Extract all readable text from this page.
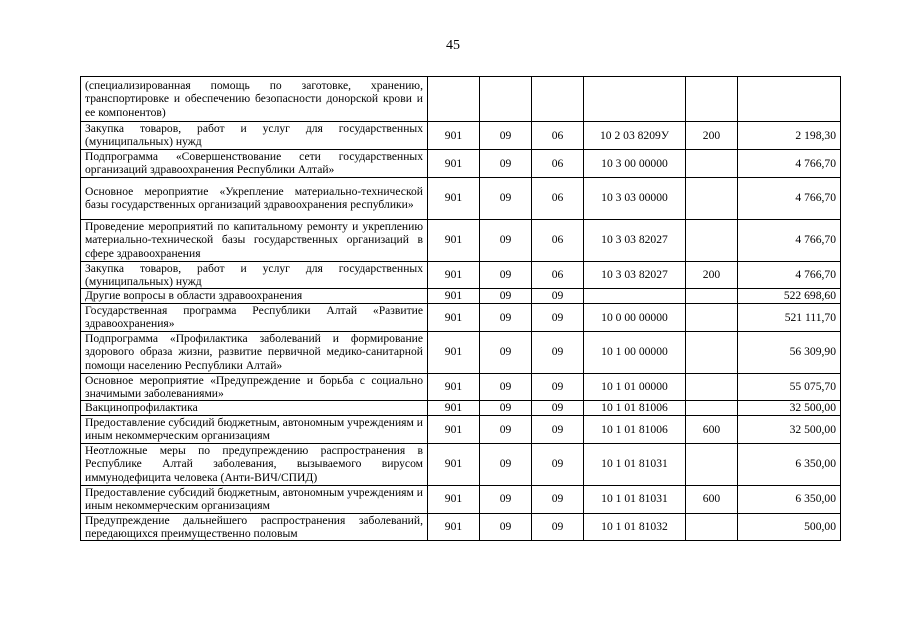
45
(специализированная помощь по заготовке, хранению, транспортировке и обеспечению безопасности донорской крови и ее компонентов)						
Закупка товаров, работ и услуг для государственных (муниципальных) нужд	901	09	06	10 2 03 8209У	200	2 198,30
Подпрограмма «Совершенствование сети государственных организаций здравоохранения Республики Алтай»	901	09	06	10 3 00 00000		4 766,70
Основное мероприятие «Укрепление материально-технической базы государственных организаций здравоохранения республики»	901	09	06	10 3 03 00000		4 766,70
Проведение мероприятий по капитальному ремонту и укреплению материально-технической базы государственных организаций в сфере здравоохранения	901	09	06	10 3 03 82027		4 766,70
Закупка товаров, работ и услуг для государственных (муниципальных) нужд	901	09	06	10 3 03 82027	200	4 766,70
Другие вопросы в области здравоохранения	901	09	09			522 698,60
Государственная программа Республики Алтай «Развитие здравоохранения»	901	09	09	10 0 00 00000		521 111,70
Подпрограмма «Профилактика заболеваний и формирование здорового образа жизни, развитие первичной медико-санитарной помощи населению Республики Алтай»	901	09	09	10 1 00 00000		56 309,90
Основное мероприятие «Предупреждение и борьба с социально значимыми заболеваниями»	901	09	09	10 1 01 00000		55 075,70
Вакцинопрофилактика	901	09	09	10 1 01 81006		32 500,00
Предоставление субсидий бюджетным, автономным учреждениям и иным некоммерческим организациям	901	09	09	10 1 01 81006	600	32 500,00
Неотложные меры по предупреждению распространения в Республике Алтай заболевания, вызываемого вирусом иммунодефицита человека (Анти-ВИЧ/СПИД)	901	09	09	10 1 01 81031		6 350,00
Предоставление субсидий бюджетным, автономным учреждениям и иным некоммерческим организациям	901	09	09	10 1 01 81031	600	6 350,00
Предупреждение дальнейшего распространения заболеваний, передающихся преимущественно половым	901	09	09	10 1 01 81032		500,00
